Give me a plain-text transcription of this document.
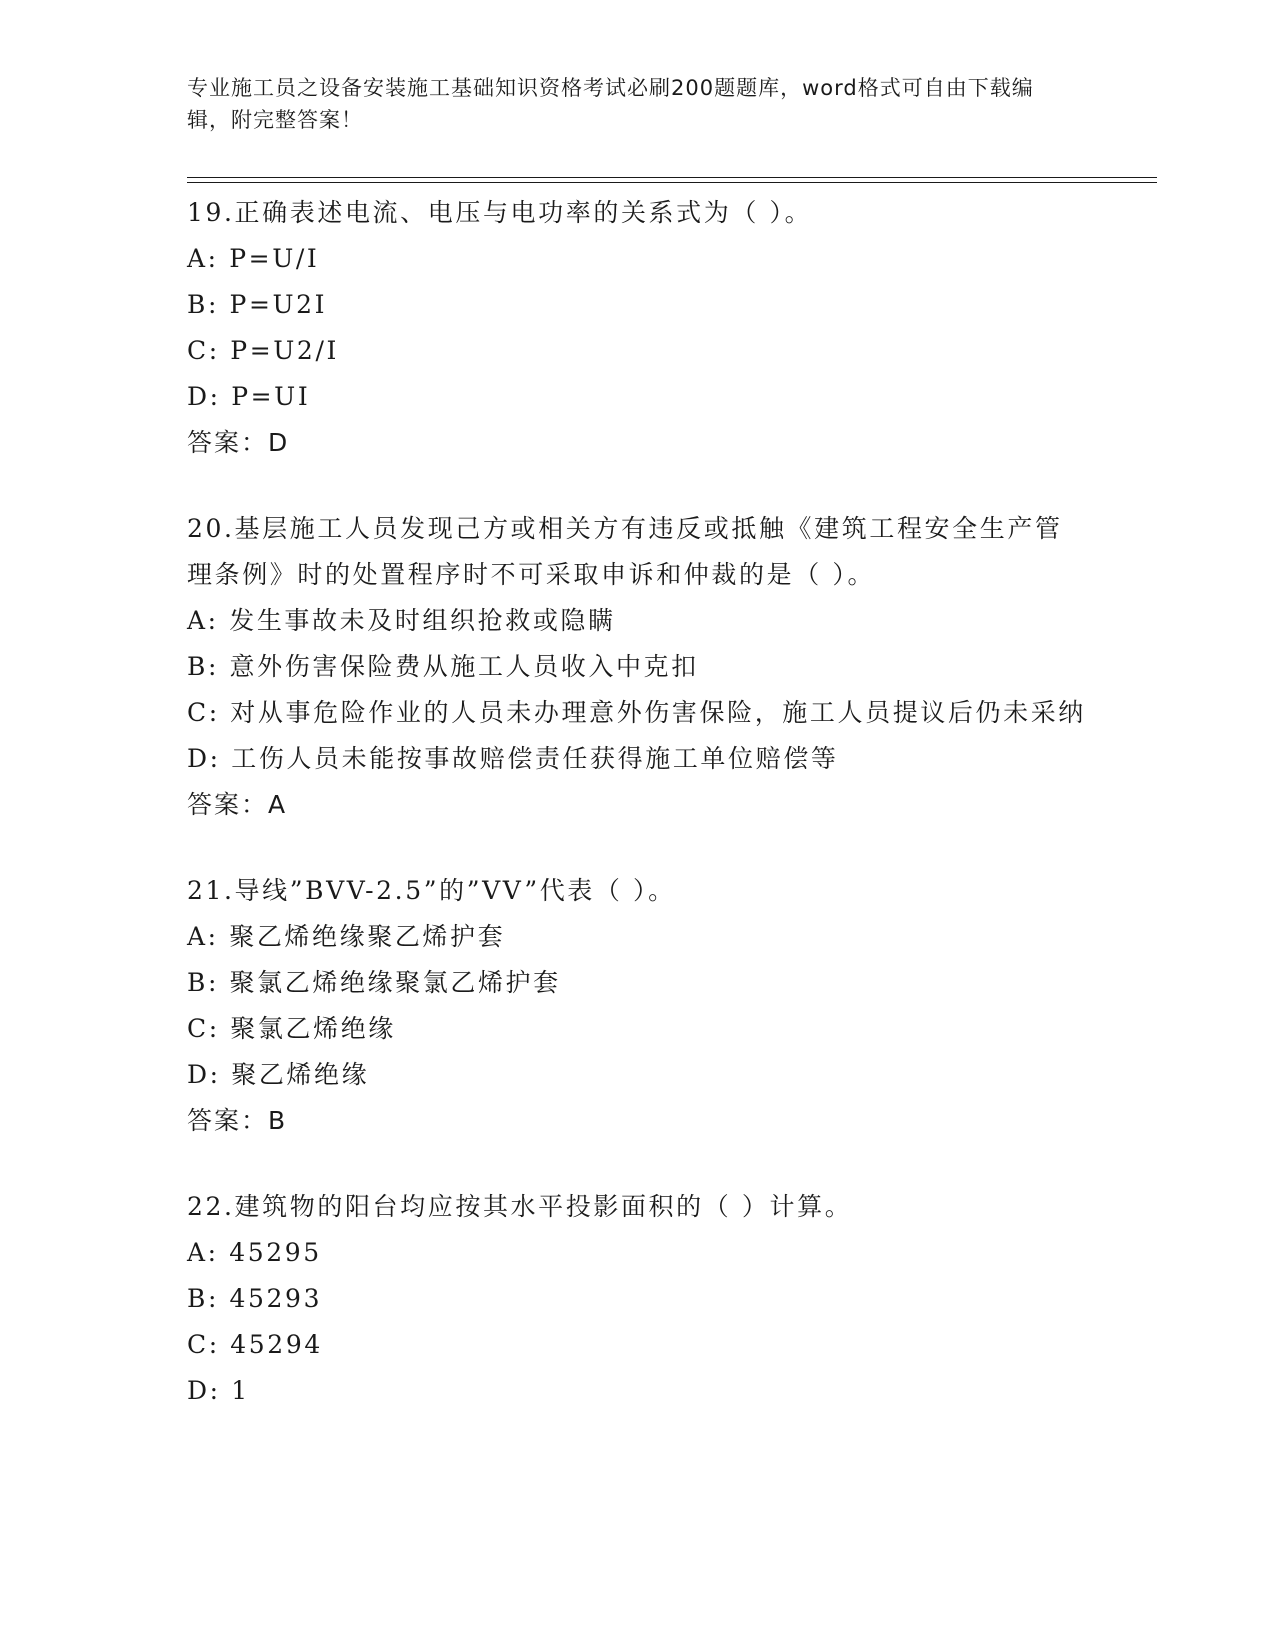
专业施工员之设备安装施工基础知识资格考试必刷200题题库，word格式可自由下载编辑，附完整答案！
19.正确表述电流、电压与电功率的关系式为（ ）。
A: P=U/I
B: P=U2I
C: P=U2/I
D: P=UI
答案：D
20.基层施工人员发现己方或相关方有违反或抵触《建筑工程安全生产管理条例》时的处置程序时不可采取申诉和仲裁的是（ ）。
A: 发生事故未及时组织抢救或隐瞒
B: 意外伤害保险费从施工人员收入中克扣
C: 对从事危险作业的人员未办理意外伤害保险，施工人员提议后仍未采纳
D: 工伤人员未能按事故赔偿责任获得施工单位赔偿等
答案：A
21.导线”BVV-2.5”的”VV”代表（ ）。
A: 聚乙烯绝缘聚乙烯护套
B: 聚氯乙烯绝缘聚氯乙烯护套
C: 聚氯乙烯绝缘
D: 聚乙烯绝缘
答案：B
22.建筑物的阳台均应按其水平投影面积的（ ）计算。
A: 45295
B: 45293
C: 45294
D: 1
